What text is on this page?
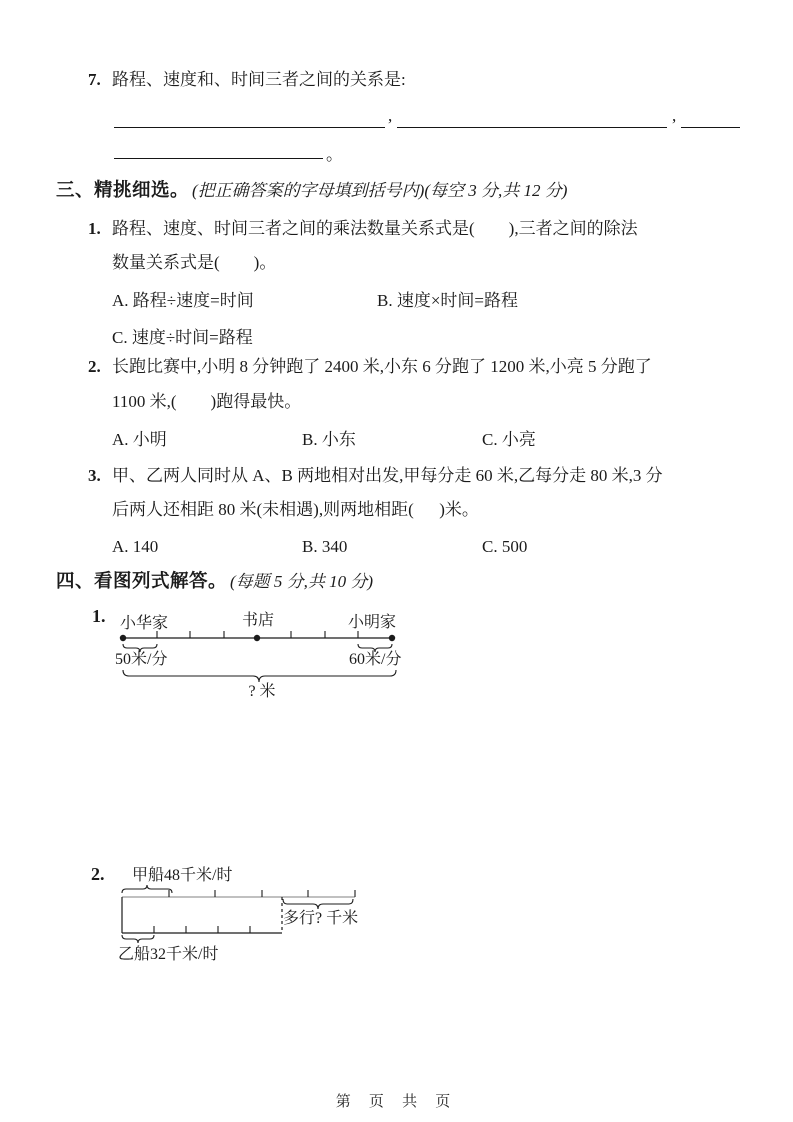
7. 路程、速度和、时间三者之间的关系是:
,	,
。
三、精挑细选。 (把正确答案的字母填到括号内)(每空 3 分,共 12 分)
1. 路程、速度、时间三者之间的乘法数量关系式是(        ),三者之间的除法
数量关系式是(        )。
A. 路程÷速度=时间	B. 速度×时间=路程
C. 速度÷时间=路程
2. 长跑比赛中,小明 8 分钟跑了 2400 米,小东 6 分跑了 1200 米,小亮 5 分跑了
1100 米,(        )跑得最快。
A. 小明	B. 小东	C. 小亮
3. 甲、乙两人同时从 A、B 两地相对出发,甲每分走 60 米,乙每分走 80 米,3 分
后两人还相距 80 米(未相遇),则两地相距(      )米。
A. 140	B. 340	C. 500
四、看图列式解答。 (每题 5 分,共 10 分)
1. 小华家	书店	小明家
50米/分	60米/分
? 米
2. 甲船48千米/时
多行? 千米
乙船32千米/时
第 页 共 页
